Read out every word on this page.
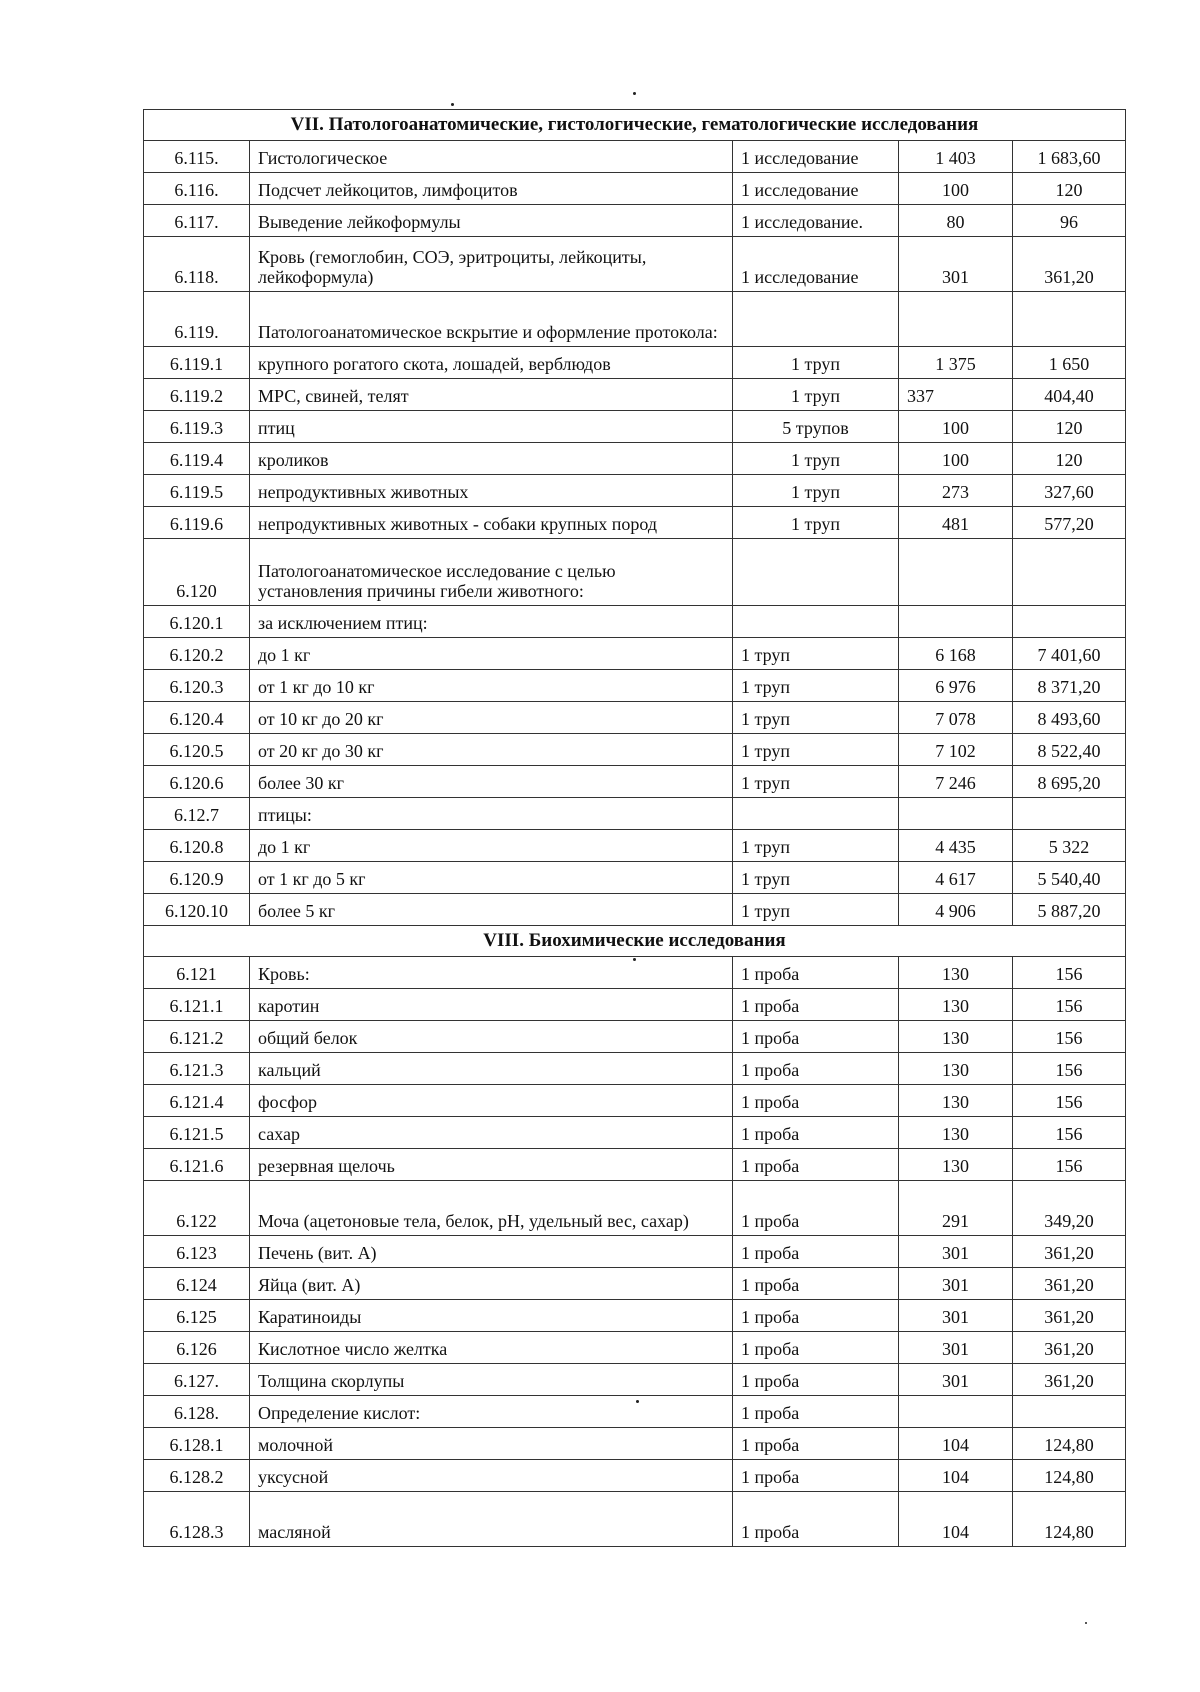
VII. Патологоанатомические, гистологические, гематологические исследования				
6.115.	Гистологическое	1 исследование	1 403	1 683,60
6.116.	Подсчет лейкоцитов, лимфоцитов	1 исследование	100	120
6.117.	Выведение лейкоформулы	1 исследование.	80	96
6.118.	Кровь (гемоглобин, СОЭ, эритроциты, лейкоциты, лейкоформула)	1 исследование	301	361,20
6.119.	Патологоанатомическое вскрытие и оформление протокола:			
6.119.1	крупного рогатого скота, лошадей, верблюдов	1 труп	1 375	1 650
6.119.2	МРС, свиней, телят	1 труп	337	404,40
6.119.3	птиц	5 трупов	100	120
6.119.4	кроликов	1 труп	100	120
6.119.5	непродуктивных животных	1 труп	273	327,60
6.119.6	непродуктивных животных - собаки крупных пород	1 труп	481	577,20
6.120	Патологоанатомическое исследование с целью установления причины гибели животного:			
6.120.1	за исключением птиц:			
6.120.2	до 1 кг	1 труп	6 168	7 401,60
6.120.3	от 1 кг до 10 кг	1 труп	6 976	8 371,20
6.120.4	от 10 кг до 20 кг	1 труп	7 078	8 493,60
6.120.5	от 20 кг до 30 кг	1 труп	7 102	8 522,40
6.120.6	более 30 кг	1 труп	7 246	8 695,20
6.12.7	птицы:			
6.120.8	до 1 кг	1 труп	4 435	5 322
6.120.9	от 1 кг до 5 кг	1 труп	4 617	5 540,40
6.120.10	более 5 кг	1 труп	4 906	5 887,20
VIII. Биохимические исследования				
6.121	Кровь:	1 проба	130	156
6.121.1	каротин	1 проба	130	156
6.121.2	общий белок	1 проба	130	156
6.121.3	кальций	1 проба	130	156
6.121.4	фосфор	1 проба	130	156
6.121.5	сахар	1 проба	130	156
6.121.6	резервная щелочь	1 проба	130	156
6.122	Моча (ацетоновые тела, белок, pH, удельный вес, сахар)	1 проба	291	349,20
6.123	Печень (вит. А)	1 проба	301	361,20
6.124	Яйца (вит. А)	1 проба	301	361,20
6.125	Каратиноиды	1 проба	301	361,20
6.126	Кислотное число желтка	1 проба	301	361,20
6.127.	Толщина скорлупы	1 проба	301	361,20
6.128.	Определение кислот:	1 проба		
6.128.1	молочной	1 проба	104	124,80
6.128.2	уксусной	1 проба	104	124,80
6.128.3	масляной	1 проба	104	124,80
